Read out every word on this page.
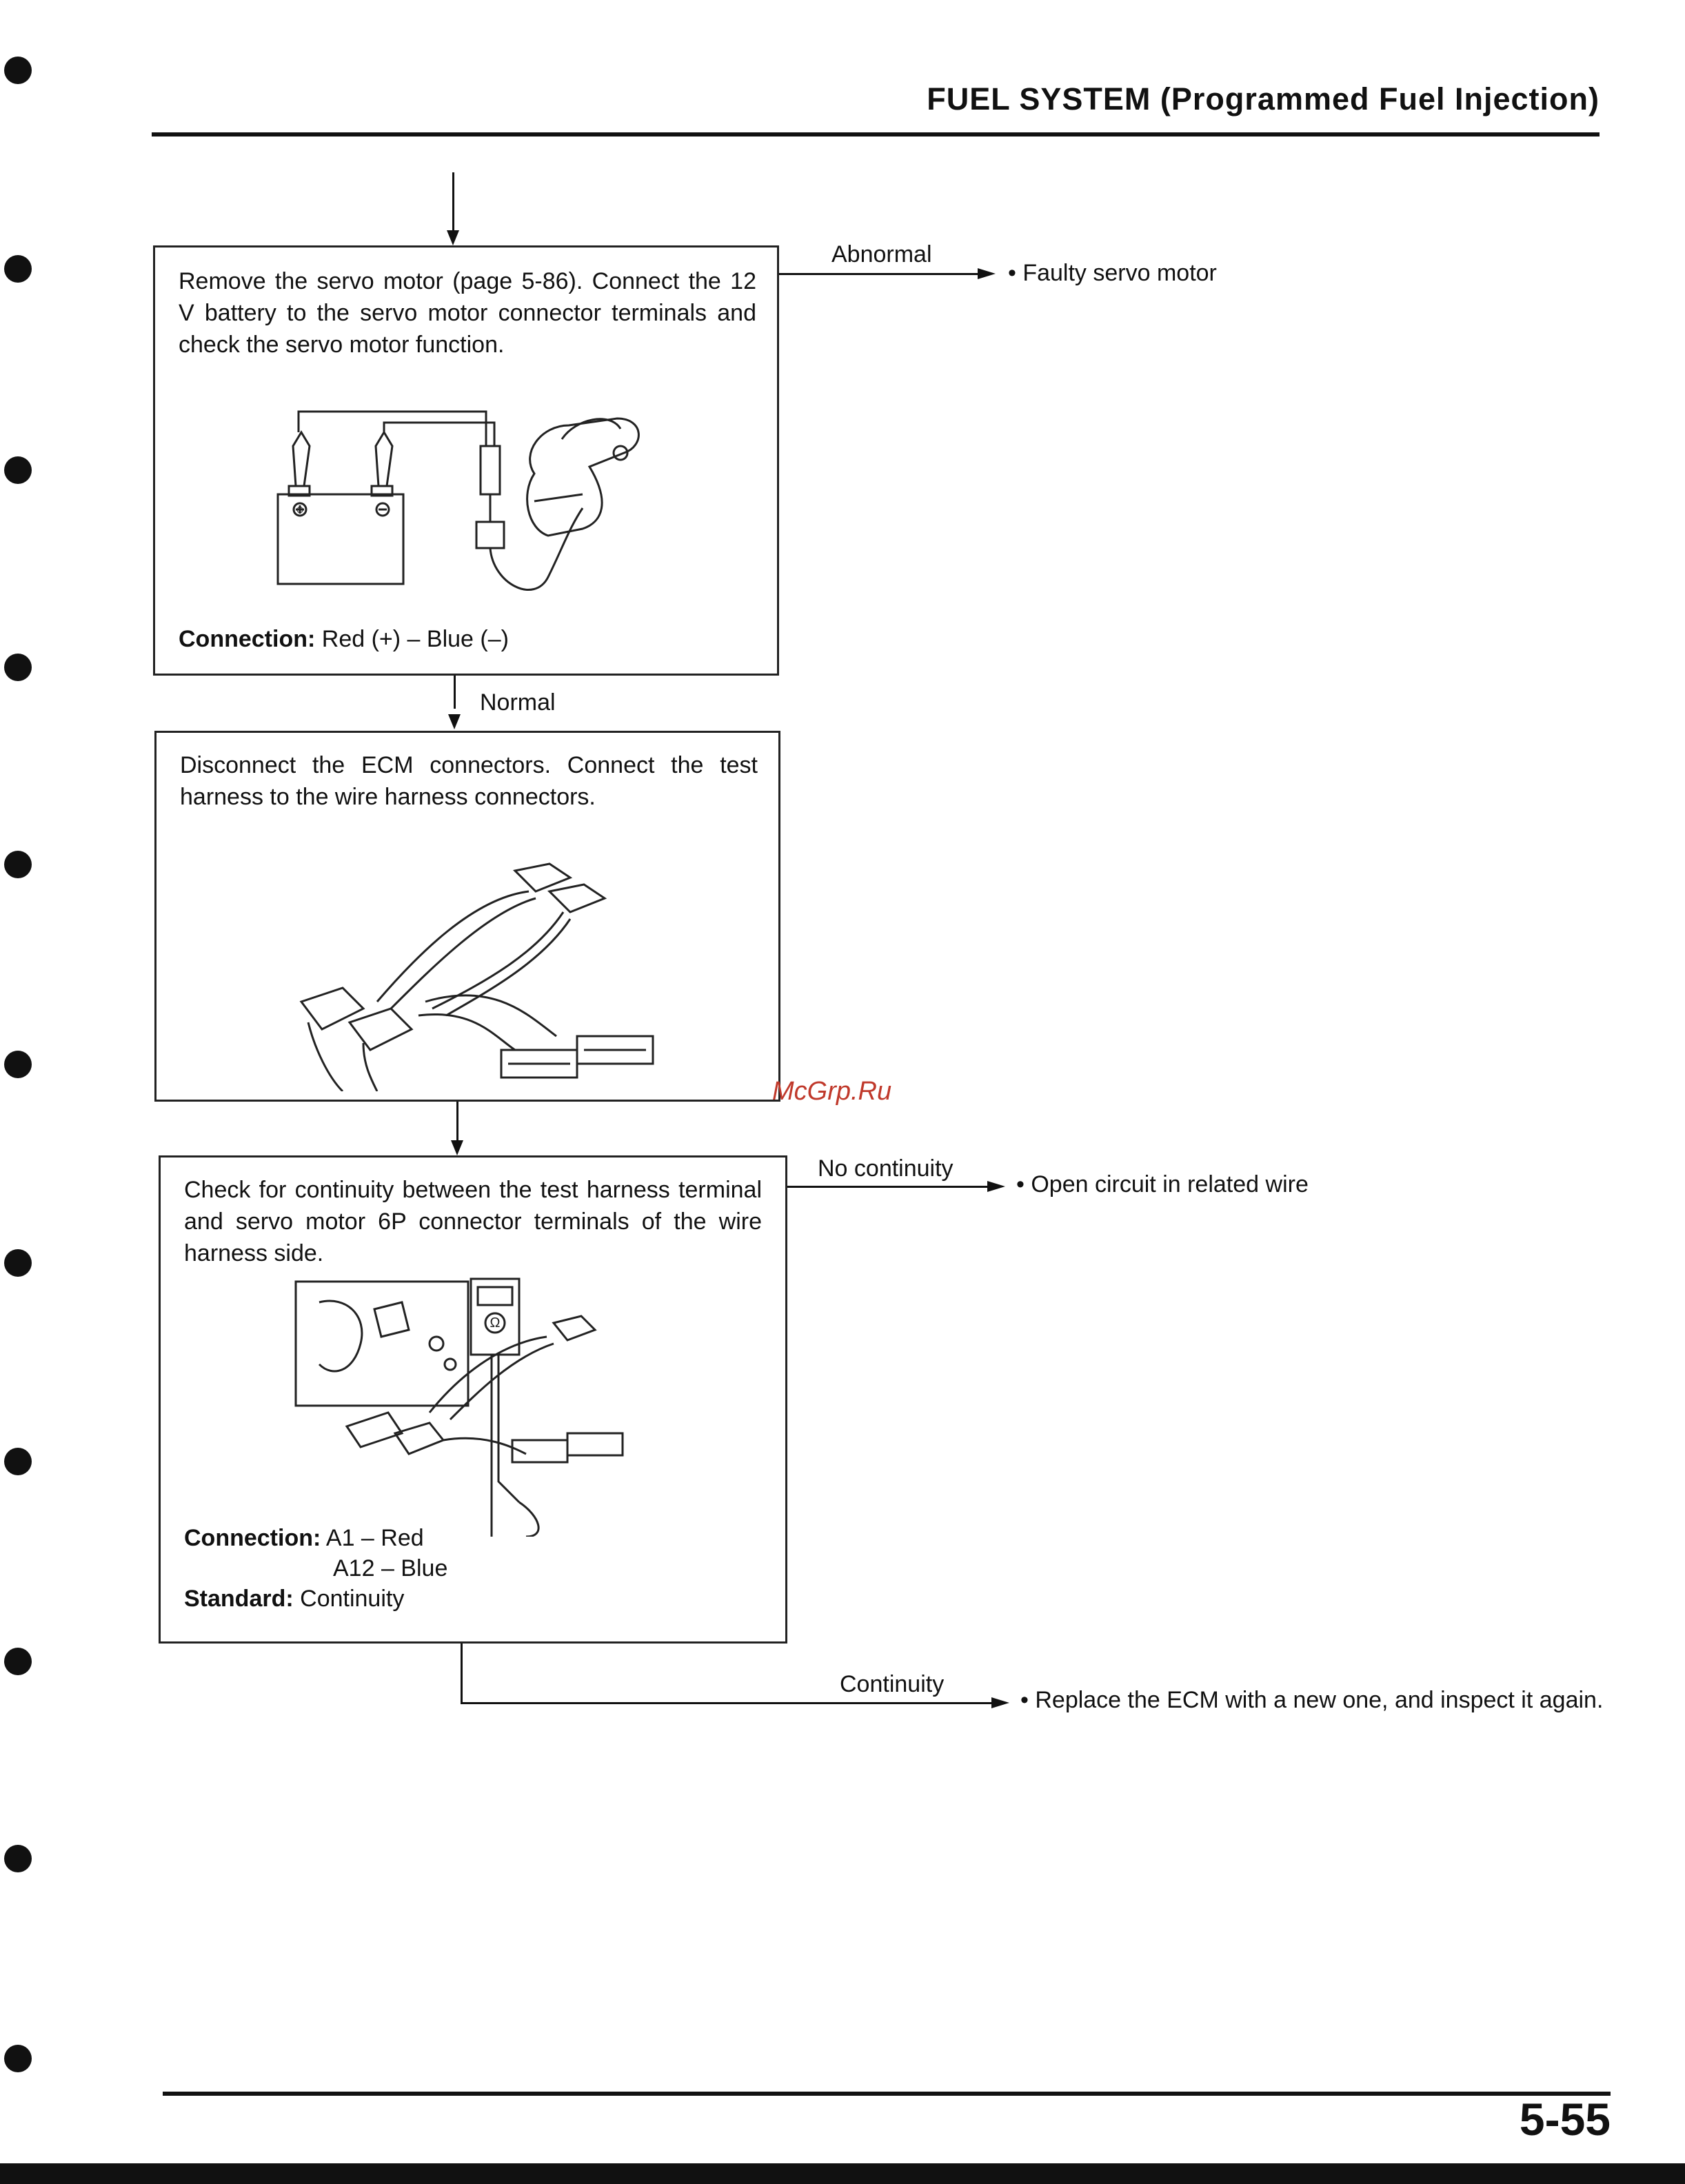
FUEL SYSTEM (Programmed Fuel Injection)
Remove the servo motor (page 5-86). Connect the 12 V battery to the servo motor connector terminals and check the servo motor function.
⊕
Connection: Red (+) – Blue (–)
Abnormal
• Faulty servo motor
Normal
Disconnect the ECM connectors. Connect the test harness to the wire harness connectors.
McGrp.Ru
Check for continuity between the test harness terminal and servo motor 6P connector terminals of the wire harness side.
Ω
Connection: A1 – Red
A12 – Blue
Standard: Continuity
No continuity
• Open circuit in related wire
Continuity
• Replace the ECM with a new one, and inspect it again.
5-55
